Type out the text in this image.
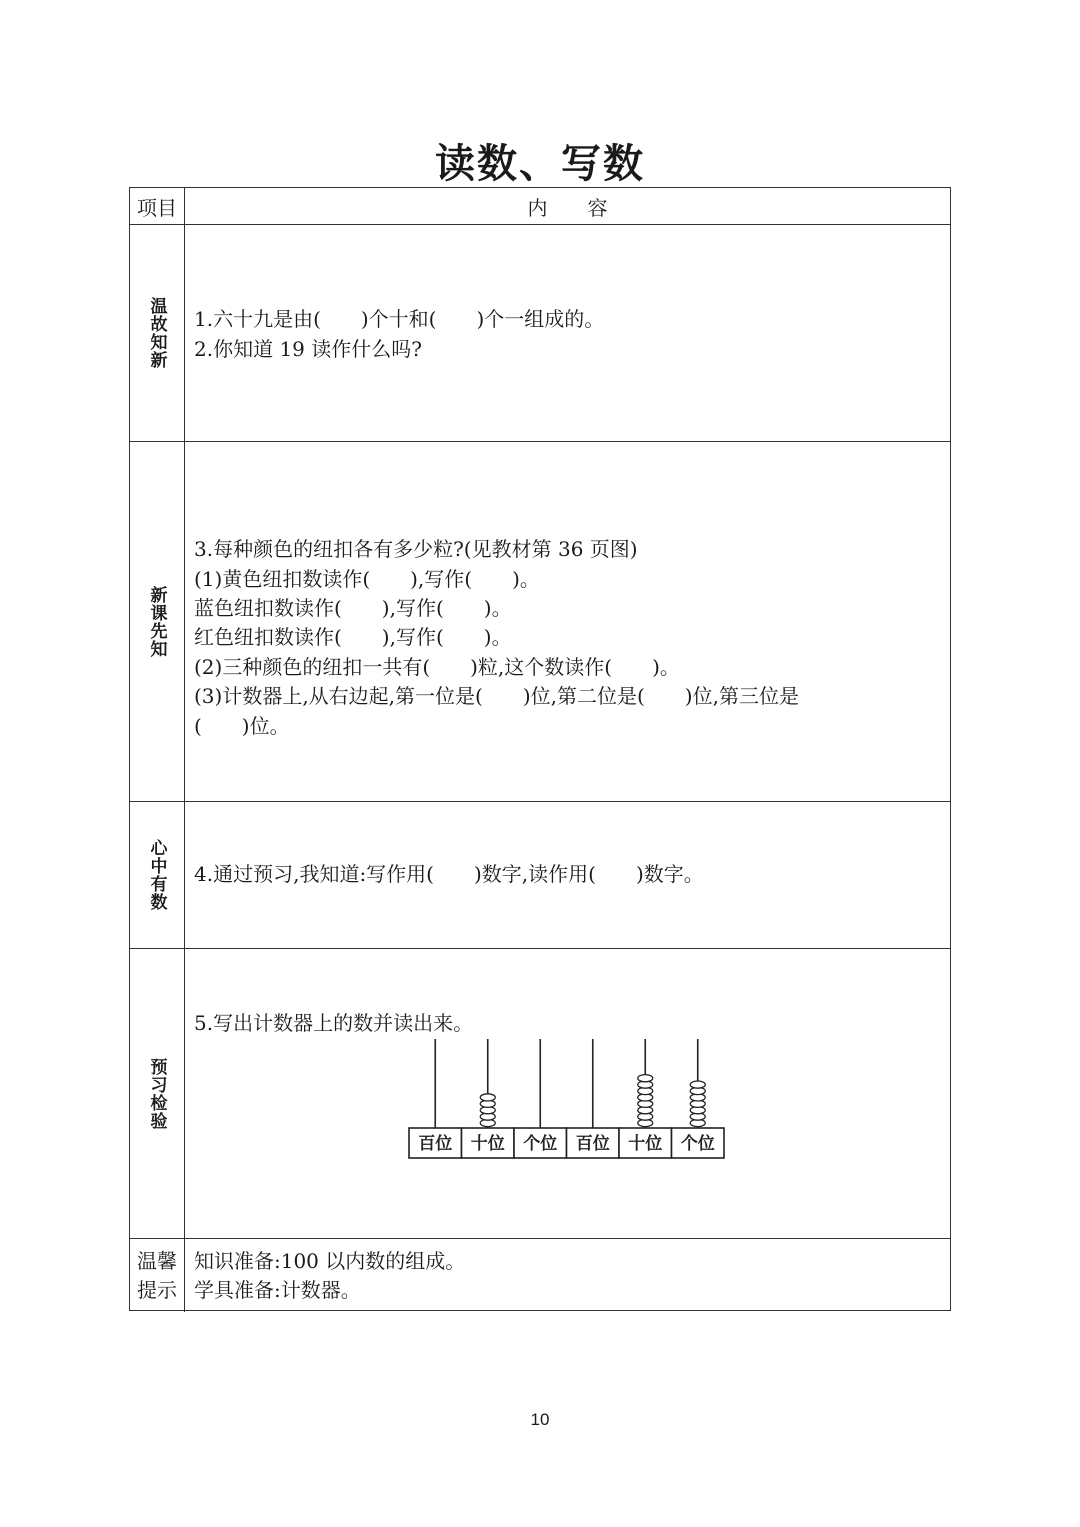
读数、写数
项目	内　　容
温故知新 1.六十九是由(　　)个十和(　　)个一组成的。
2.你知道 19 读作什么吗?
新课先知
3.每种颜色的纽扣各有多少粒?(见教材第 36 页图)
(1)黄色纽扣数读作(　　),写作(　　)。
蓝色纽扣数读作(　　),写作(　　)。
红色纽扣数读作(　　),写作(　　)。
(2)三种颜色的纽扣一共有(　　)粒,这个数读作(　　)。
(3)计数器上,从右边起,第一位是(　　)位,第二位是(　　)位,第三位是
(　　)位。
心中有数 4.通过预习,我知道:写作用(　　)数字,读作用(　　)数字。
预习检验
5.写出计数器上的数并读出来。
百位 十位 个位 百位 十位 个位
温馨提示
知识准备:100 以内数的组成。
学具准备:计数器。
10
